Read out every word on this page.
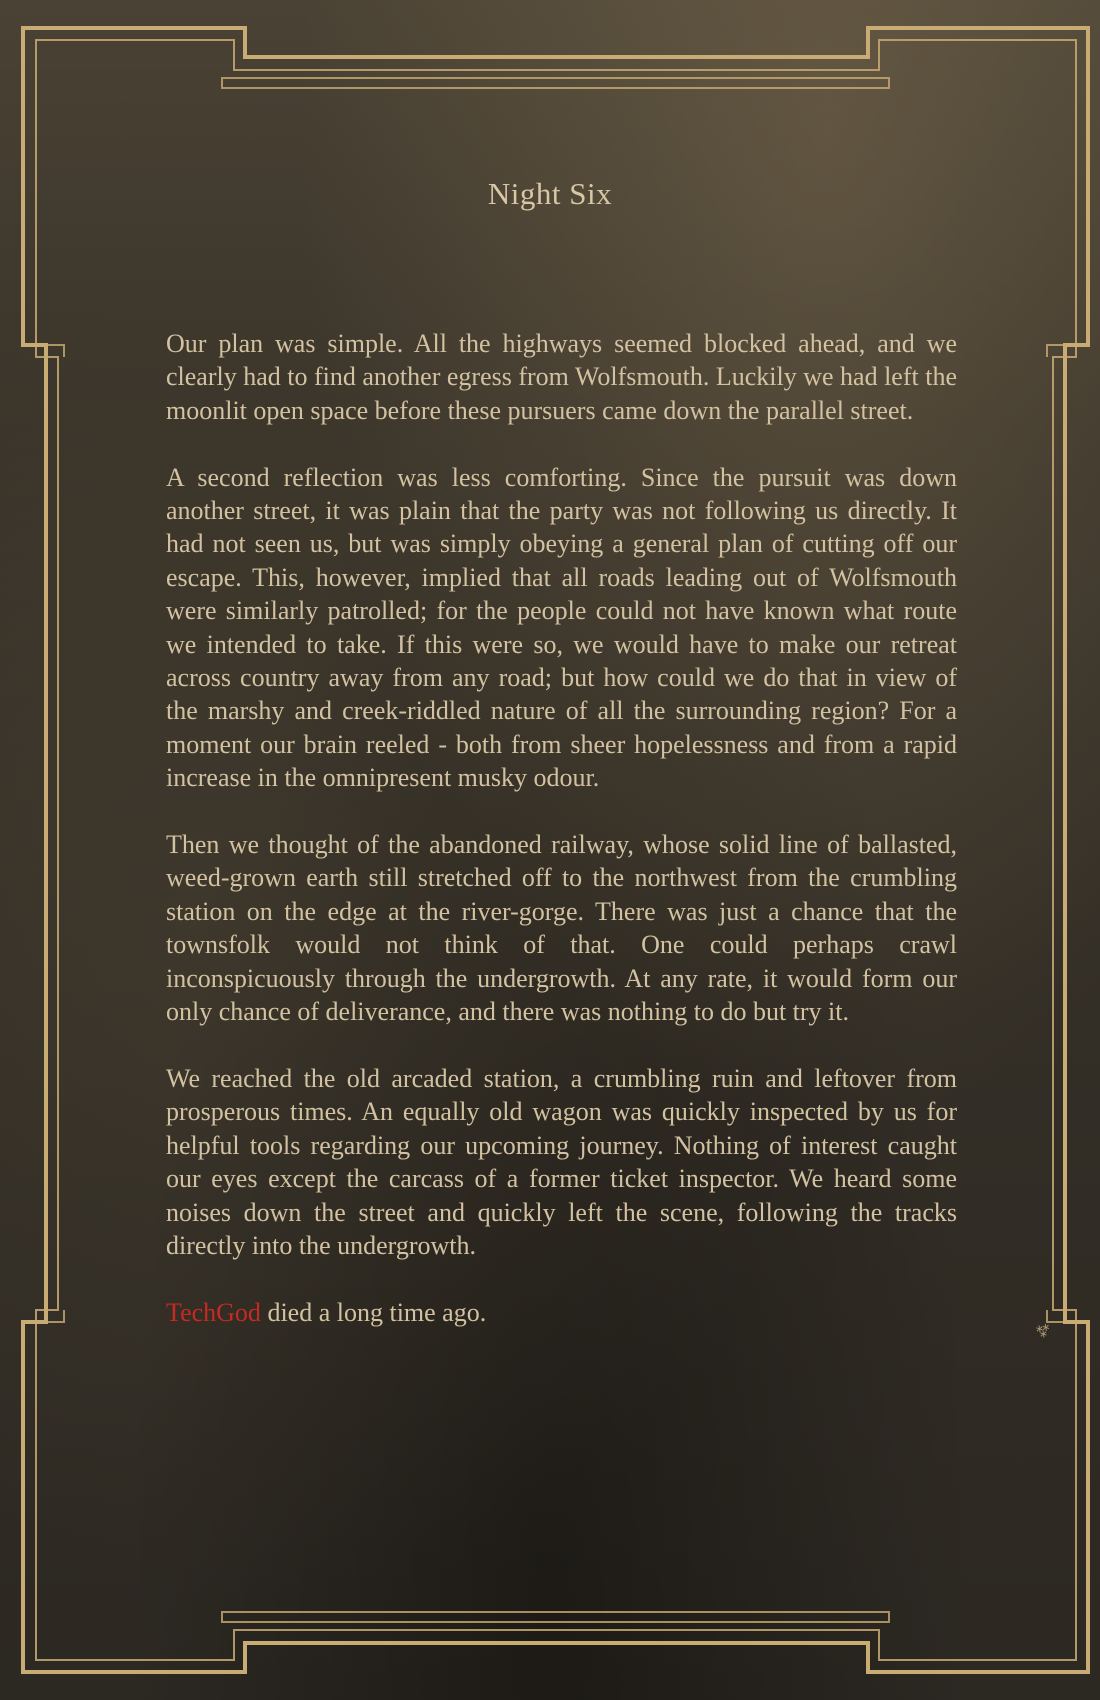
Night Six

Our plan was simple. All the highways seemed blocked ahead, and we clearly had to find another egress from Wolfsmouth. Luckily we had left the moonlit open space before these pursuers came down the parallel street.

A second reflection was less comforting. Since the pursuit was down another street, it was plain that the party was not following us directly. It had not seen us, but was simply obeying a general plan of cutting off our escape. This, however, implied that all roads leading out of Wolfsmouth were similarly patrolled; for the people could not have known what route we intended to take. If this were so, we would have to make our retreat across country away from any road; but how could we do that in view of the marshy and creek-riddled nature of all the surrounding region? For a moment our brain reeled - both from sheer hopelessness and from a rapid increase in the omnipresent musky odour.

Then we thought of the abandoned railway, whose solid line of ballasted, weed-grown earth still stretched off to the northwest from the crumbling station on the edge at the river-gorge. There was just a chance that the townsfolk would not think of that. One could perhaps crawl inconspicuously through the undergrowth. At any rate, it would form our only chance of deliverance, and there was nothing to do but try it.

We reached the old arcaded station, a crumbling ruin and leftover from prosperous times. An equally old wagon was quickly inspected by us for helpful tools regarding our upcoming journey. Nothing of interest caught our eyes except the carcass of a former ticket inspector. We heard some noises down the street and quickly left the scene, following the tracks directly into the undergrowth.

TechGod died a long time ago.

⁂
